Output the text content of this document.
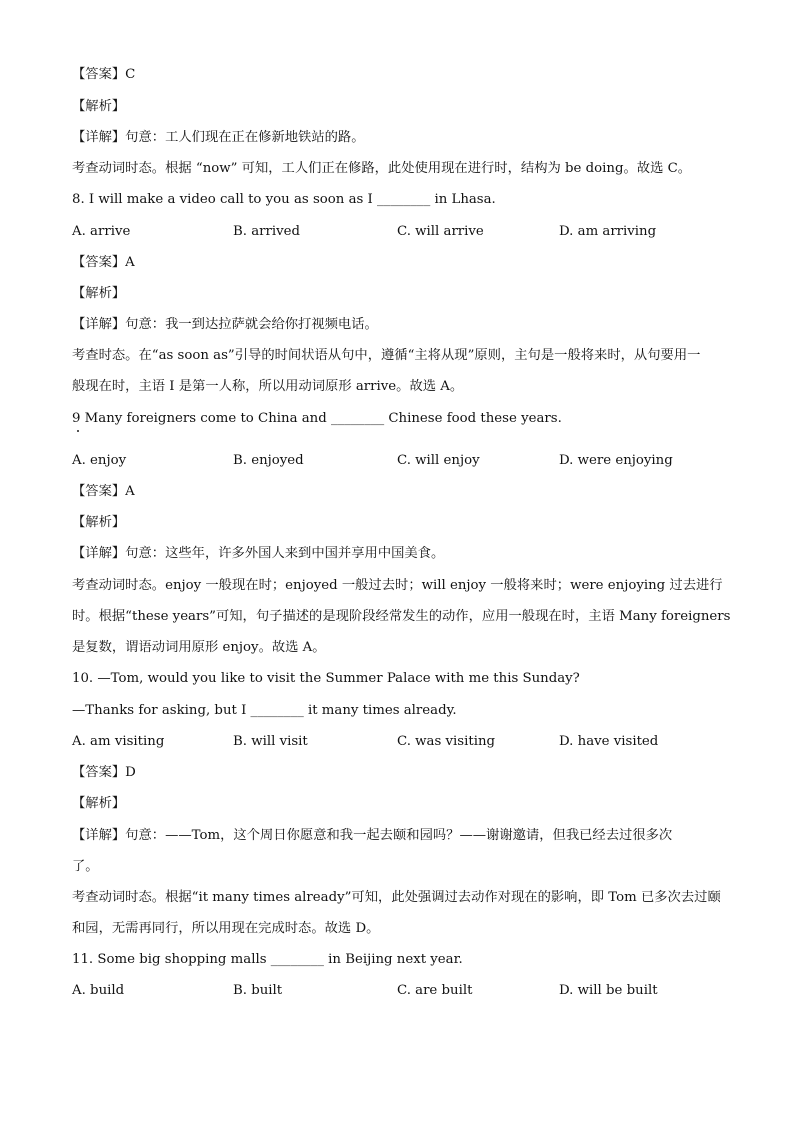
【答案】C
【解析】
【详解】句意：工人们现在正在修新地铁站的路。
考查动词时态。根据 “now” 可知，工人们正在修路，此处使用现在进行时，结构为 be doing。故选 C。
8. I will make a video call to you as soon as I ________ in Lhasa.
A. arrive	B. arrived	C. will arrive	D. am arriving
【答案】A
【解析】
【详解】句意：我一到达拉萨就会给你打视频电话。
考查时态。在“as soon as”引导的时间状语从句中，遵循“主将从现”原则，主句是一般将来时，从句要用一
般现在时，主语 I 是第一人称，所以用动词原形 arrive。故选 A。
9 Many foreigners come to China and ________ Chinese food these years.
A. enjoy	B. enjoyed	C. will enjoy	D. were enjoying
【答案】A
【解析】
【详解】句意：这些年，许多外国人来到中国并享用中国美食。
考查动词时态。enjoy 一般现在时；enjoyed 一般过去时；will enjoy 一般将来时；were enjoying 过去进行
时。根据“these years”可知，句子描述的是现阶段经常发生的动作，应用一般现在时，主语 Many foreigners
是复数，谓语动词用原形 enjoy。故选 A。
10. —Tom, would you like to visit the Summer Palace with me this Sunday?
—Thanks for asking, but I ________ it many times already.
A. am visiting	B. will visit	C. was visiting	D. have visited
【答案】D
【解析】
【详解】句意：——Tom，这个周日你愿意和我一起去颐和园吗？——谢谢邀请，但我已经去过很多次
了。
考查动词时态。根据“it many times already”可知，此处强调过去动作对现在的影响，即 Tom 已多次去过颐
和园，无需再同行，所以用现在完成时态。故选 D。
11. Some big shopping malls ________ in Beijing next year.
A. build	B. built	C. are built	D. will be built
